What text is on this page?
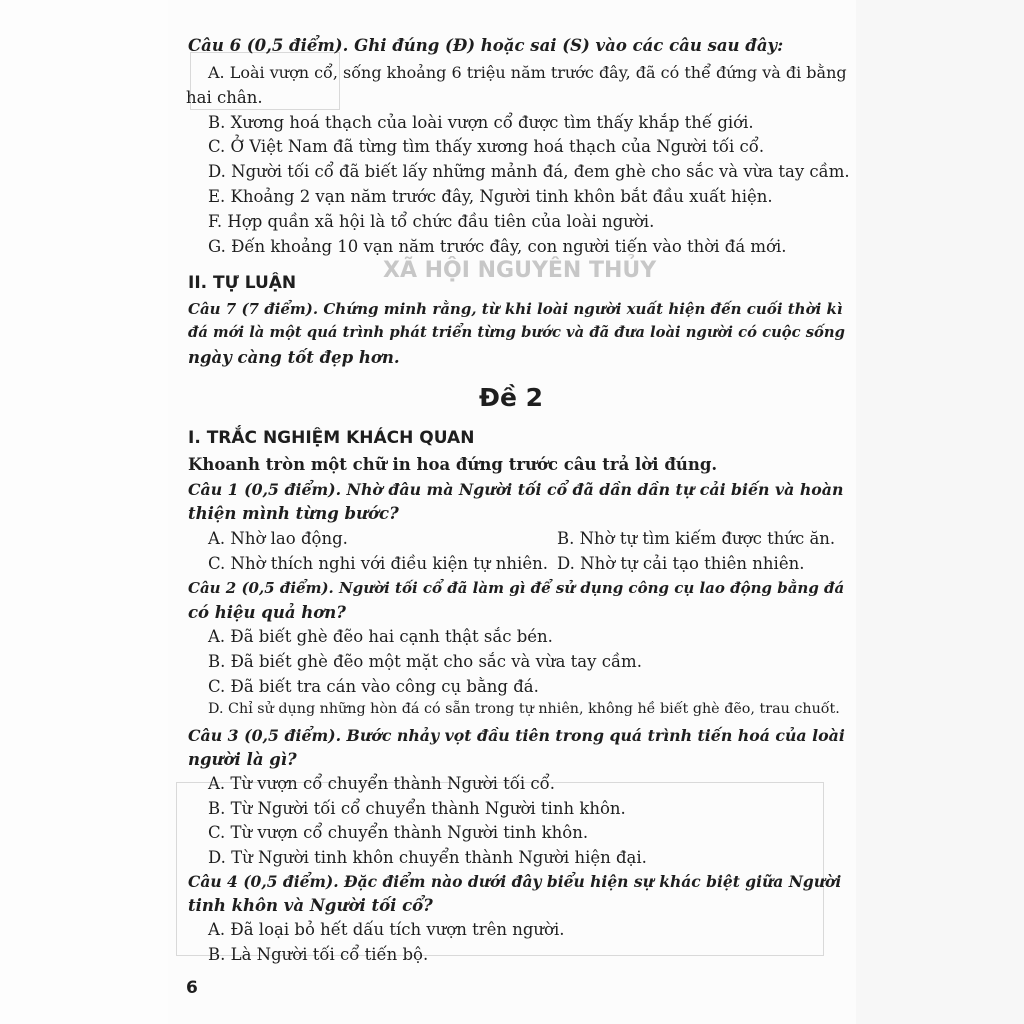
XÃ HỘI NGUYÊN THỦY
Câu 6 (0,5 điểm). Ghi đúng (Đ) hoặc sai (S) vào các câu sau đây:
A. Loài vượn cổ, sống khoảng 6 triệu năm trước đây, đã có thể đứng và đi bằng
hai chân.
B. Xương hoá thạch của loài vượn cổ được tìm thấy khắp thế giới.
C. Ở Việt Nam đã từng tìm thấy xương hoá thạch của Người tối cổ.
D. Người tối cổ đã biết lấy những mảnh đá, đem ghè cho sắc và vừa tay cầm.
E. Khoảng 2 vạn năm trước đây, Người tinh khôn bắt đầu xuất hiện.
F. Hợp quần xã hội là tổ chức đầu tiên của loài người.
G. Đến khoảng 10 vạn năm trước đây, con người tiến vào thời đá mới.
II. TỰ LUẬN
Câu 7 (7 điểm). Chứng minh rằng, từ khi loài người xuất hiện đến cuối thời kì
đá mới là một quá trình phát triển từng bước và đã đưa loài người có cuộc sống
ngày càng tốt đẹp hơn.
Đề 2
I. TRẮC NGHIỆM KHÁCH QUAN
Khoanh tròn một chữ in hoa đứng trước câu trả lời đúng.
Câu 1 (0,5 điểm). Nhờ đâu mà Người tối cổ đã dần dần tự cải biến và hoàn
thiện mình từng bước?
A. Nhờ lao động.	B. Nhờ tự tìm kiếm được thức ăn.
C. Nhờ thích nghi với điều kiện tự nhiên. D. Nhờ tự cải tạo thiên nhiên.
Câu 2 (0,5 điểm). Người tối cổ đã làm gì để sử dụng công cụ lao động bằng đá
có hiệu quả hơn?
A. Đã biết ghè đẽo hai cạnh thật sắc bén.
B. Đã biết ghè đẽo một mặt cho sắc và vừa tay cầm.
C. Đã biết tra cán vào công cụ bằng đá.
D. Chỉ sử dụng những hòn đá có sẵn trong tự nhiên, không hề biết ghè đẽo, trau chuốt.
Câu 3 (0,5 điểm). Bước nhảy vọt đầu tiên trong quá trình tiến hoá của loài
người là gì?
A. Từ vượn cổ chuyển thành Người tối cổ.
B. Từ Người tối cổ chuyển thành Người tinh khôn.
C. Từ vượn cổ chuyển thành Người tinh khôn.
D. Từ Người tinh khôn chuyển thành Người hiện đại.
Câu 4 (0,5 điểm). Đặc điểm nào dưới đây biểu hiện sự khác biệt giữa Người
tinh khôn và Người tối cổ?
A. Đã loại bỏ hết dấu tích vượn trên người.
B. Là Người tối cổ tiến bộ.
6
